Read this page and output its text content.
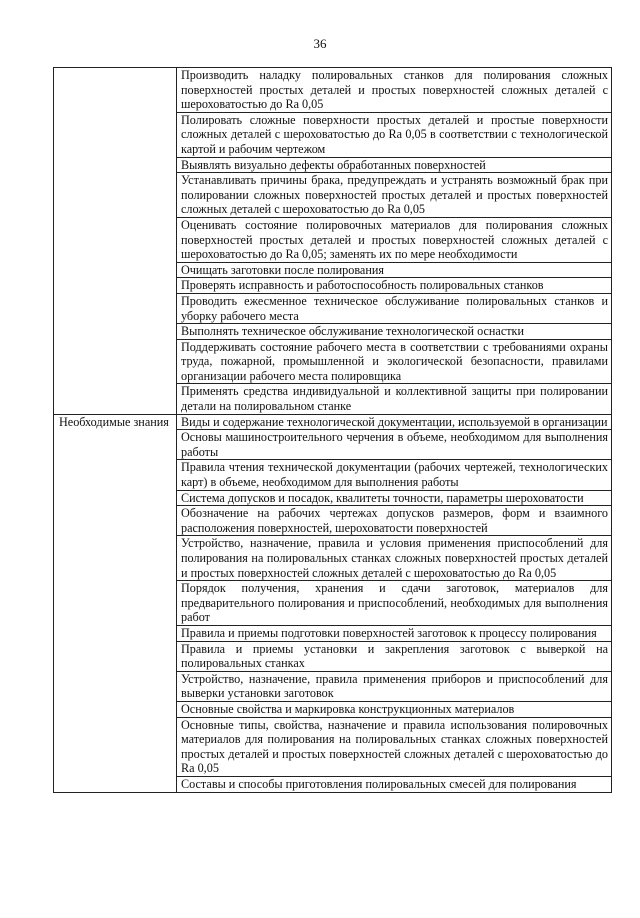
36
	Производить наладку полировальных станков для полирования сложных поверхностей простых деталей и простых поверхностей сложных деталей с шероховатостью до Ra 0,05
	Полировать сложные поверхности простых деталей и простые поверхности сложных деталей с шероховатостью до Ra 0,05 в соответствии с технологической картой и рабочим чертежом
	Выявлять визуально дефекты обработанных поверхностей
	Устанавливать причины брака, предупреждать и устранять возможный брак при полировании сложных поверхностей простых деталей и простых поверхностей сложных деталей с шероховатостью до Ra 0,05
	Оценивать состояние полировочных материалов для полирования сложных поверхностей простых деталей и простых поверхностей сложных деталей с шероховатостью до Ra 0,05; заменять их по мере необходимости
	Очищать заготовки после полирования
	Проверять исправность и работоспособность полировальных станков
	Проводить ежесменное техническое обслуживание полировальных станков и уборку рабочего места
	Выполнять техническое обслуживание технологической оснастки
	Поддерживать состояние рабочего места в соответствии с требованиями охраны труда, пожарной, промышленной и экологической безопасности, правилами организации рабочего места полировщика
	Применять средства индивидуальной и коллективной защиты при полировании детали на полировальном станке
Необходимые знания	Виды и содержание технологической документации, используемой в организации
	Основы машиностроительного черчения в объеме, необходимом для выполнения работы
	Правила чтения технической документации (рабочих чертежей, технологических карт) в объеме, необходимом для выполнения работы
	Система допусков и посадок, квалитеты точности, параметры шероховатости
	Обозначение на рабочих чертежах допусков размеров, форм и взаимного расположения поверхностей, шероховатости поверхностей
	Устройство, назначение, правила и условия применения приспособлений для полирования на полировальных станках сложных поверхностей простых деталей и простых поверхностей сложных деталей с шероховатостью до Ra 0,05
	Порядок получения, хранения и сдачи заготовок, материалов для предварительного полирования и приспособлений, необходимых для выполнения работ
	Правила и приемы подготовки поверхностей заготовок к процессу полирования
	Правила и приемы установки и закрепления заготовок с выверкой на полировальных станках
	Устройство, назначение, правила применения приборов и приспособлений для выверки установки заготовок
	Основные свойства и маркировка конструкционных материалов
	Основные типы, свойства, назначение и правила использования полировочных материалов для полирования на полировальных станках сложных поверхностей простых деталей и простых поверхностей сложных деталей с шероховатостью до Ra 0,05
	Составы и способы приготовления полировальных смесей для полирования
